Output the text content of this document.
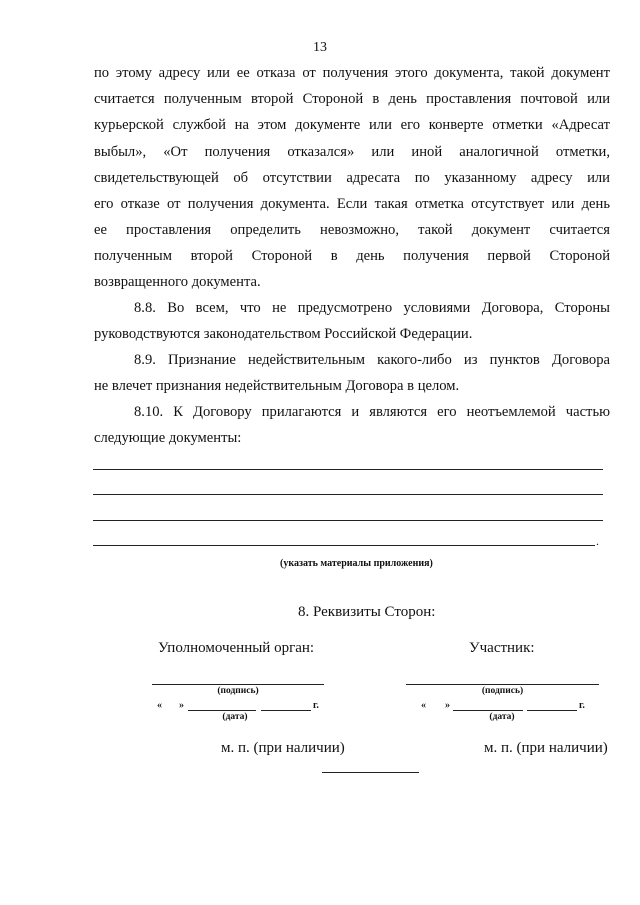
13
по этому адресу или ее отказа от получения этого документа, такой документ
считается полученным второй Стороной в день проставления почтовой или
курьерской службой на этом документе или его конверте отметки «Адресат
выбыл», «От получения отказался» или иной аналогичной отметки,
свидетельствующей об отсутствии адресата по указанному адресу или
его отказе от получения документа. Если такая отметка отсутствует или день
ее проставления определить невозможно, такой документ считается
полученным второй Стороной в день получения первой Стороной
возвращенного документа.
8.8. Во всем, что не предусмотрено условиями Договора, Стороны
руководствуются законодательством Российской Федерации.
8.9. Признание недействительным какого-либо из пунктов Договора
не влечет признания недействительным Договора в целом.
8.10. К Договору прилагаются и являются его неотъемлемой частью
следующие документы:
.
(указать материалы приложения)
8. Реквизиты Сторон:
Уполномоченный орган:
(подпись)
« »	г.
(дата)
м. п. (при наличии)
Участник:
(подпись)
« »	г.
(дата)
м. п. (при наличии)
